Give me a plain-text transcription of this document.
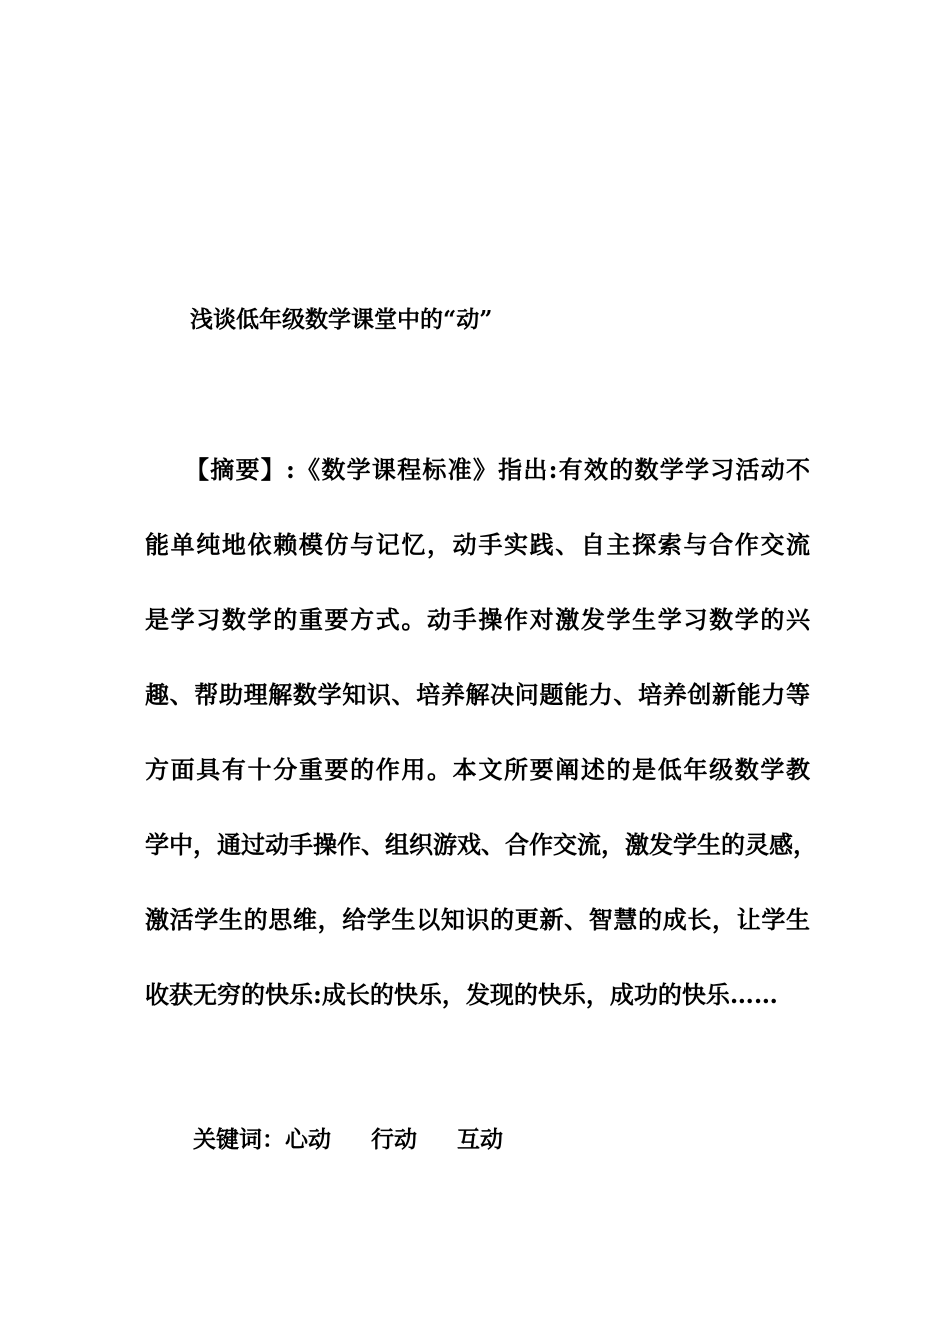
浅谈低年级数学课堂中的“动”
【摘要】:《数学课程标准》指出:有效的数学学习活动不
能单纯地依赖模仿与记忆，动手实践、自主探索与合作交流
是学习数学的重要方式。动手操作对激发学生学习数学的兴
趣、帮助理解数学知识、培养解决问题能力、培养创新能力等
方面具有十分重要的作用。本文所要阐述的是低年级数学教
学中，通过动手操作、组织游戏、合作交流，激发学生的灵感，
激活学生的思维，给学生以知识的更新、智慧的成长，让学生
收获无穷的快乐:成长的快乐，发现的快乐，成功的快乐……
关键词：心动 行动 互动
